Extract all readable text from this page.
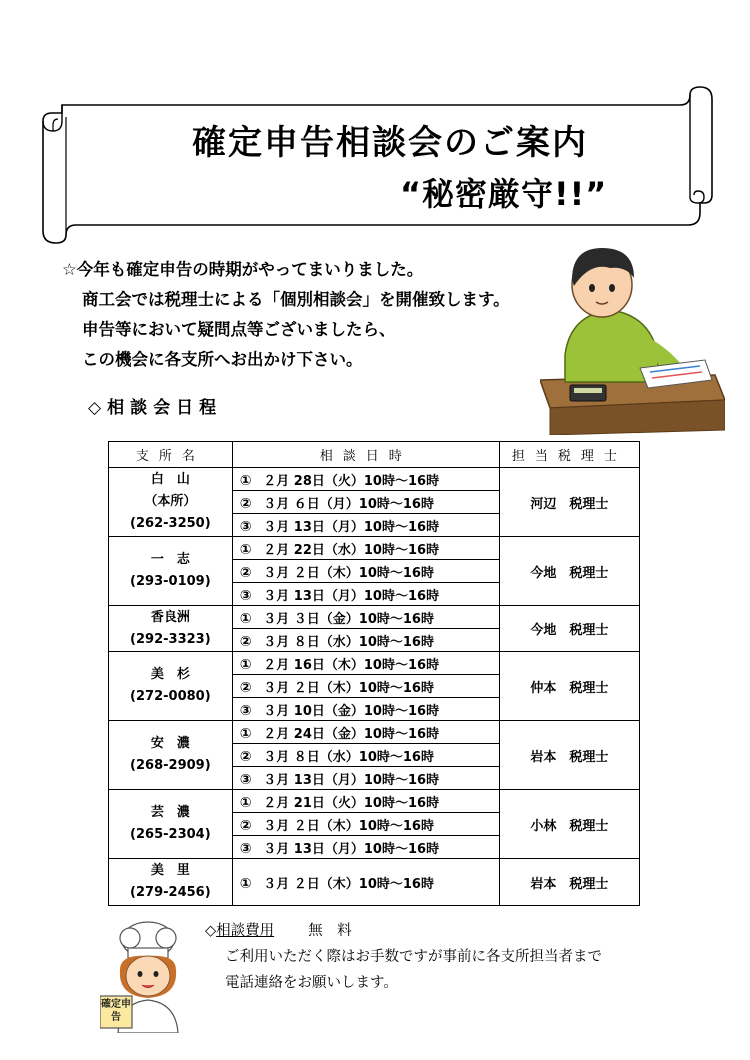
確定申告相談会のご案内
“秘密厳守!!”
☆今年も確定申告の時期がやってまいりました。
商工会では税理士による「個別相談会」を開催致します。
申告等において疑問点等ございましたら、
この機会に各支所へお出かけ下さい。
◇相談会日程
支所名	相談日時	担当税理士

白　山
（本所）
(262-3250)	① ２月 28日（火）10時～16時	河辺　税理士
	② ３月 ６日（月）10時～16時	
	③ ３月 13日（月）10時～16時	

一　志
(293-0109)	① ２月 22日（水）10時～16時	今地　税理士
	② ３月 ２日（木）10時～16時	
	③ ３月 13日（月）10時～16時	

香良洲
(292-3323)	① ３月 ３日（金）10時～16時	今地　税理士
	② ３月 ８日（水）10時～16時	

美　杉
(272-0080)	① ２月 16日（木）10時～16時	仲本　税理士
	② ３月 ２日（木）10時～16時	
	③ ３月 10日（金）10時～16時	

安　濃
(268-2909)	① ２月 24日（金）10時～16時	岩本　税理士
	② ３月 ８日（水）10時～16時	
	③ ３月 13日（月）10時～16時	

芸　濃
(265-2304)	① ２月 21日（火）10時～16時	小林　税理士
	② ３月 ２日（木）10時～16時	
	③ ３月 13日（月）10時～16時	

美　里
(279-2456)	① ３月 ２日（木）10時～16時	岩本　税理士
確定申告
◇相談費用 無　料
ご利用いただく際はお手数ですが事前に各支所担当者まで
電話連絡をお願いします。
